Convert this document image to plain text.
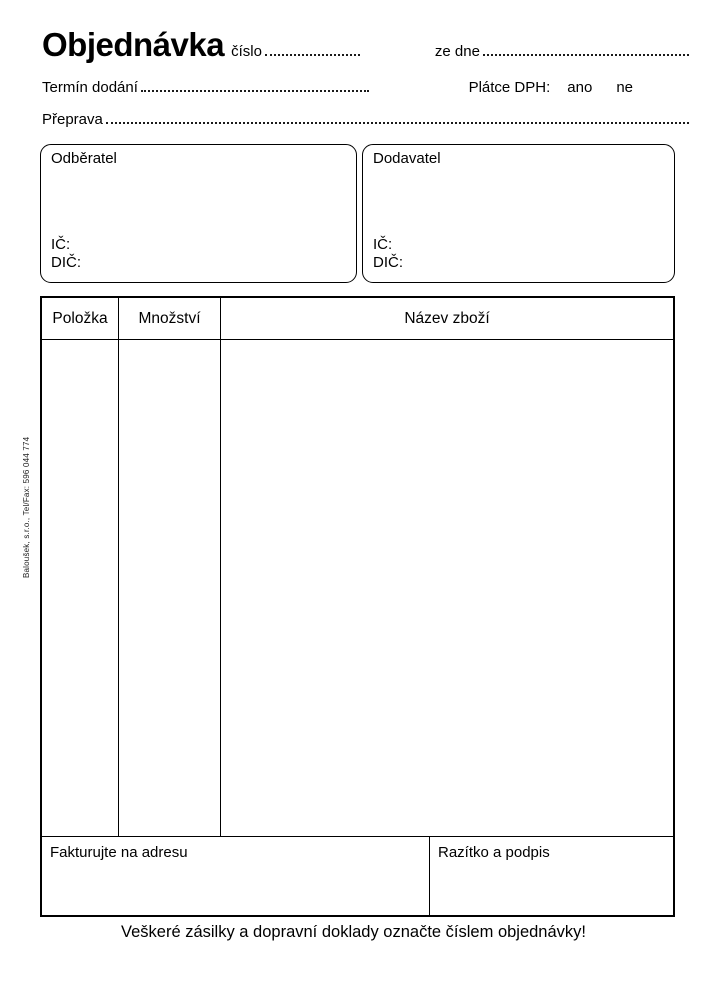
Objednávka číslo	ze dne
Termín dodání	Plátce DPH: ano ne
Přeprava
Odběratel
IČ:
DIČ:
Dodavatel
IČ:
DIČ:
Položka	Množství	Název zboží
Fakturujte na adresu	Razítko a podpis
Veškeré zásilky a dopravní doklady označte číslem objednávky!
Baloušek, s.r.o., Tel/Fax: 596 044 774
